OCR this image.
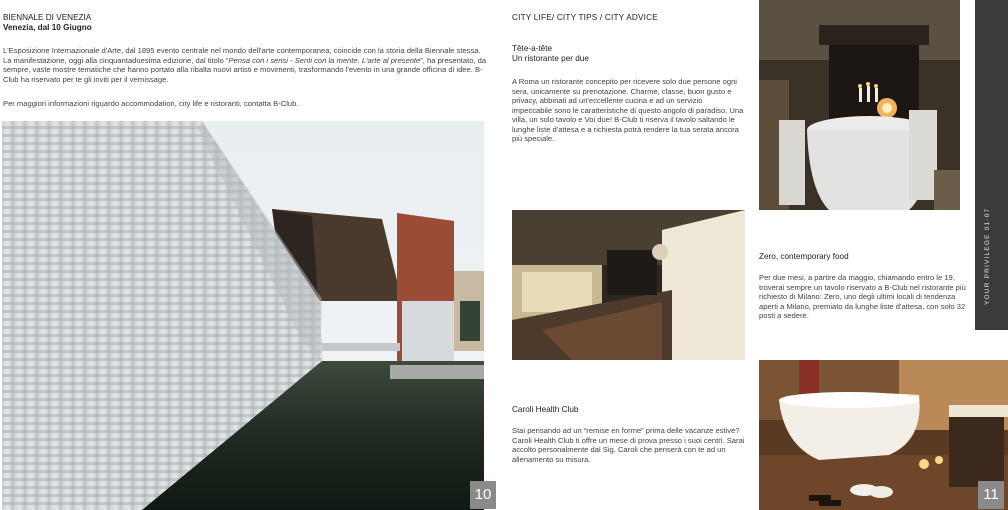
BIENNALE DI VENEZIA
Venezia, dal 10 Giugno

L'Esposizione Internazionale d'Arte, dal 1895 evento centrale nel mondo dell'arte contemporanea, coincide con la storia della Biennale stessa. La manifestazione, oggi alla cinquantaduesima edizione, dal titolo “Pensa con i sensi - Senti con la mente. L'arte al presente”, ha presentato, da sempre, vaste mostre tematiche che hanno portato alla ribalta nuovi artisti e movimenti, trasformando l'evento in una grande officina di idee. B-Club ha riservato per te gli inviti per il vernissage.

Per maggiori informazioni riguardo accommodation, city life e ristoranti, contatta B-Club.

10
CITY LIFE/ CITY TIPS / CITY ADVICE
Tête-a-tête
Un ristorante per due

A Roma un ristorante concepito per ricevere solo due persone ogni sera, unicamente su prenotazione. Charme, classe, buon gusto e privacy, abbinati ad un'eccellente cucina e ad un servizio impeccabile sono le caratteristiche di questo angolo di paradiso. Una villa, un solo tavolo e Voi due! B-Club ti riserva il tavolo saltando le lunghe liste d'attesa e a richiesta potrà rendere la tua serata ancora più speciale.

YOUR PRIVILEGE 01·07
Zero, contemporary food

Per due mesi, a partire da maggio, chiamando entro le 19, troverai sempre un tavolo riservato a B-Club nel ristorante più richiesto di Milano: Zero, uno degli ultimi locali di tendenza aperti a Milano, premiato da lunghe liste d'attesa, con solo 32 posti a sedere.

Caroli Health Club

Stai pensando ad un “remise en forme” prima delle vacanze estive? Caroli Health Club ti offre un mese di prova presso i suoi centri. Sarai accolto personalmente dal Sig. Caroli che penserà con te ad un allenamento su misura.

11
